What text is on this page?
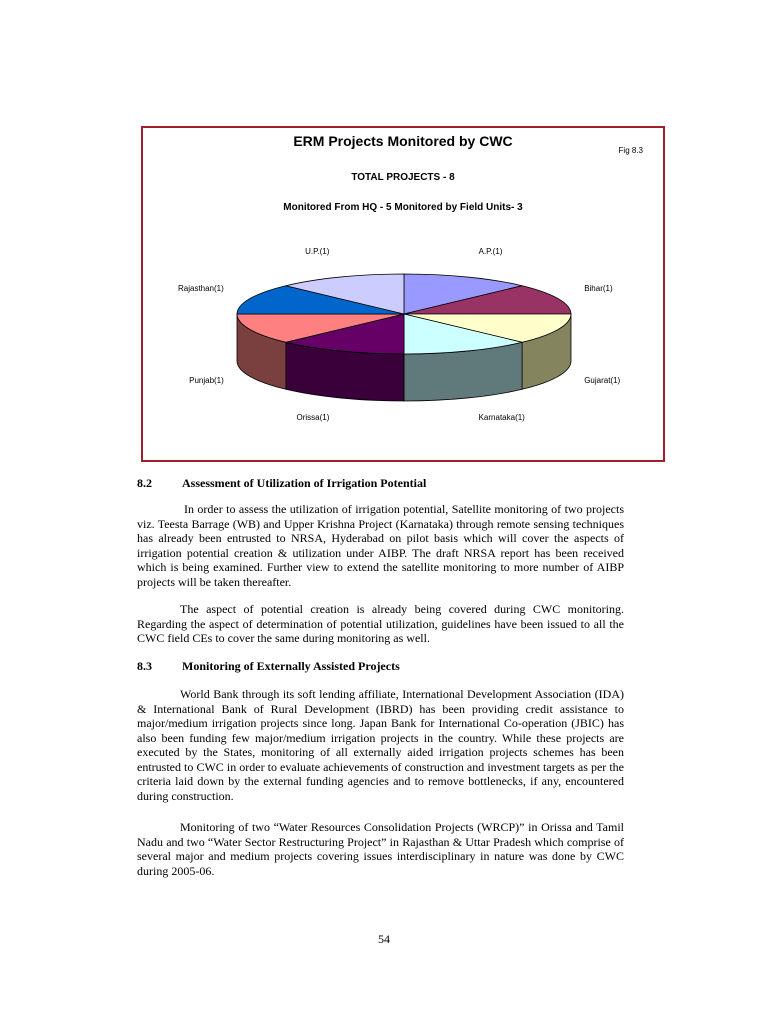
ERM Projects Monitored by CWC
Fig 8.3
TOTAL PROJECTS - 8
Monitored From HQ - 5 Monitored by Field Units- 3
A.P.(1)
Bihar(1)
Gujarat(1)
Karnataka(1)
Orissa(1)
Punjab(1)
Rajasthan(1)
U.P.(1)
8.2	Assessment of Utilization of Irrigation Potential

In order to assess the utilization of irrigation potential, Satellite monitoring of two projects viz. Teesta Barrage (WB) and Upper Krishna Project (Karnataka) through remote sensing techniques has already been entrusted to NRSA, Hyderabad on pilot basis which will cover the aspects of irrigation potential creation & utilization under AIBP. The draft NRSA report has been received which is being examined. Further view to extend the satellite monitoring to more number of AIBP projects will be taken thereafter.

The aspect of potential creation is already being covered during CWC monitoring. Regarding the aspect of determination of potential utilization, guidelines have been issued to all the CWC field CEs to cover the same during monitoring as well.

8.3	Monitoring of Externally Assisted Projects

World Bank through its soft lending affiliate, International Development Association (IDA) & International Bank of Rural Development (IBRD) has been providing credit assistance to major/medium irrigation projects since long. Japan Bank for International Co-operation (JBIC) has also been funding few major/medium irrigation projects in the country. While these projects are executed by the States, monitoring of all externally aided irrigation projects schemes has been entrusted to CWC in order to evaluate achievements of construction and investment targets as per the criteria laid down by the external funding agencies and to remove bottlenecks, if any, encountered during construction.

Monitoring of two “Water Resources Consolidation Projects (WRCP)” in Orissa and Tamil Nadu and two “Water Sector Restructuring Project” in Rajasthan & Uttar Pradesh which comprise of several major and medium projects covering issues interdisciplinary in nature was done by CWC during 2005-06.

54
